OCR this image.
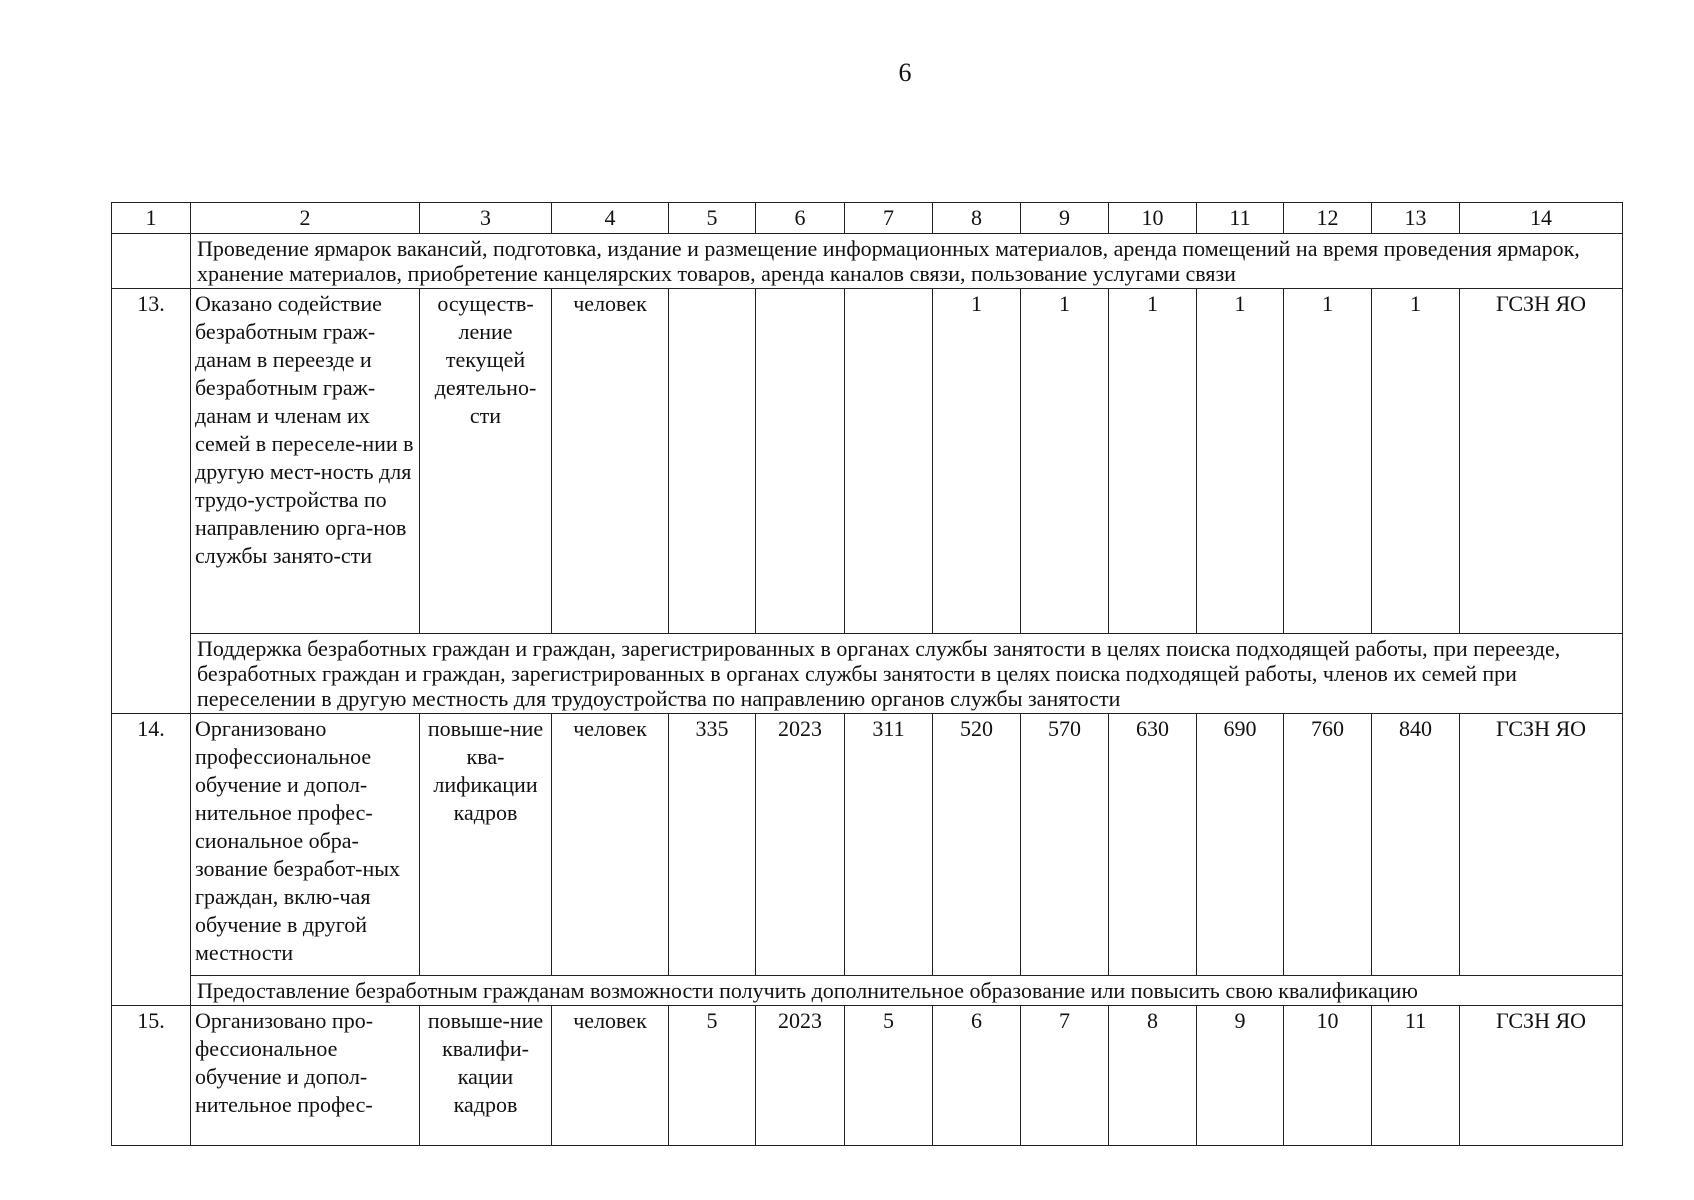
6
1	2	3	4	5	6	7	8	9	10	11	12	13	14
	Проведение ярмарок вакансий, подготовка, издание и размещение информационных материалов, аренда помещений на время проведения ярмарок, хранение материалов, приобретение канцелярских товаров, аренда каналов связи, пользование услугами связи												
13.	Оказано содействие безработным граж-данам в переезде и безработным граж-данам и членам их семей в переселе-нии в другую мест-ность для трудо-устройства по направлению орга-нов службы занято-сти	осуществ-ление текущей деятельно-сти	человек				1	1	1	1	1	1	ГСЗН ЯО
	Поддержка безработных граждан и граждан, зарегистрированных в органах службы занятости в целях поиска подходящей работы, при переезде, безработных граждан и граждан, зарегистрированных в органах службы занятости в целях поиска подходящей работы, членов их семей при переселении в другую местность для трудоустройства по направлению органов службы занятости												
14.	Организовано профессиональное обучение и допол-нительное профес-сиональное обра-зование безработ-ных граждан, вклю-чая обучение в другой местности	повыше-ние ква-лификации кадров	человек	335	2023	311	520	570	630	690	760	840	ГСЗН ЯО
	Предоставление безработным гражданам возможности получить дополнительное образование или повысить свою квалификацию												
15.	Организовано про-фессиональное обучение и допол-нительное профес-	повыше-ние квалифи-кации кадров	человек	5	2023	5	6	7	8	9	10	11	ГСЗН ЯО
